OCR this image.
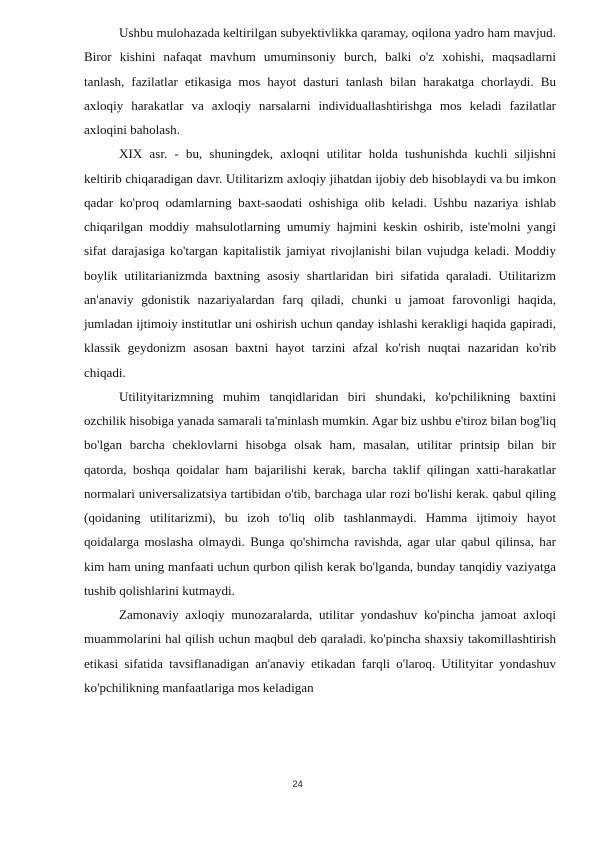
Ushbu mulohazada keltirilgan subyektivlikka qaramay, oqilona yadro ham mavjud. Biror kishini nafaqat mavhum umuminsoniy burch, balki o'z xohishi, maqsadlarni tanlash, fazilatlar etikasiga mos hayot dasturi tanlash bilan harakatga chorlaydi. Bu axloqiy harakatlar va axloqiy narsalarni individuallashtirishga mos keladi fazilatlar axloqini baholash.

XIX asr. - bu, shuningdek, axloqni utilitar holda tushunishda kuchli siljishni keltirib chiqaradigan davr. Utilitarizm axloqiy jihatdan ijobiy deb hisoblaydi va bu imkon qadar ko'proq odamlarning baxt-saodati oshishiga olib keladi. Ushbu nazariya ishlab chiqarilgan moddiy mahsulotlarning umumiy hajmini keskin oshirib, iste'molni yangi sifat darajasiga ko'targan kapitalistik jamiyat rivojlanishi bilan vujudga keladi. Moddiy boylik utilitarianizmda baxtning asosiy shartlaridan biri sifatida qaraladi. Utilitarizm an'anaviy gdonistik nazariyalardan farq qiladi, chunki u jamoat farovonligi haqida, jumladan ijtimoiy institutlar uni oshirish uchun qanday ishlashi kerakligi haqida gapiradi, klassik geydonizm asosan baxtni hayot tarzini afzal ko'rish nuqtai nazaridan ko'rib chiqadi.

Utilityitarizmning muhim tanqidlaridan biri shundaki, ko'pchilikning baxtini ozchilik hisobiga yanada samarali ta'minlash mumkin. Agar biz ushbu e'tiroz bilan bog'liq bo'lgan barcha cheklovlarni hisobga olsak ham, masalan, utilitar printsip bilan bir qatorda, boshqa qoidalar ham bajarilishi kerak, barcha taklif qilingan xatti-harakatlar normalari universalizatsiya tartibidan o'tib, barchaga ular rozi bo'lishi kerak. qabul qiling (qoidaning utilitarizmi), bu izoh to'liq olib tashlanmaydi. Hamma ijtimoiy hayot qoidalarga moslasha olmaydi. Bunga qo'shimcha ravishda, agar ular qabul qilinsa, har kim ham uning manfaati uchun qurbon qilish kerak bo'lganda, bunday tanqidiy vaziyatga tushib qolishlarini kutmaydi.

Zamonaviy axloqiy munozaralarda, utilitar yondashuv ko'pincha jamoat axloqi muammolarini hal qilish uchun maqbul deb qaraladi. ko'pincha shaxsiy takomillashtirish etikasi sifatida tavsiflanadigan an'anaviy etikadan farqli o'laroq. Utilityitar yondashuv ko'pchilikning manfaatlariga mos keladigan

24
